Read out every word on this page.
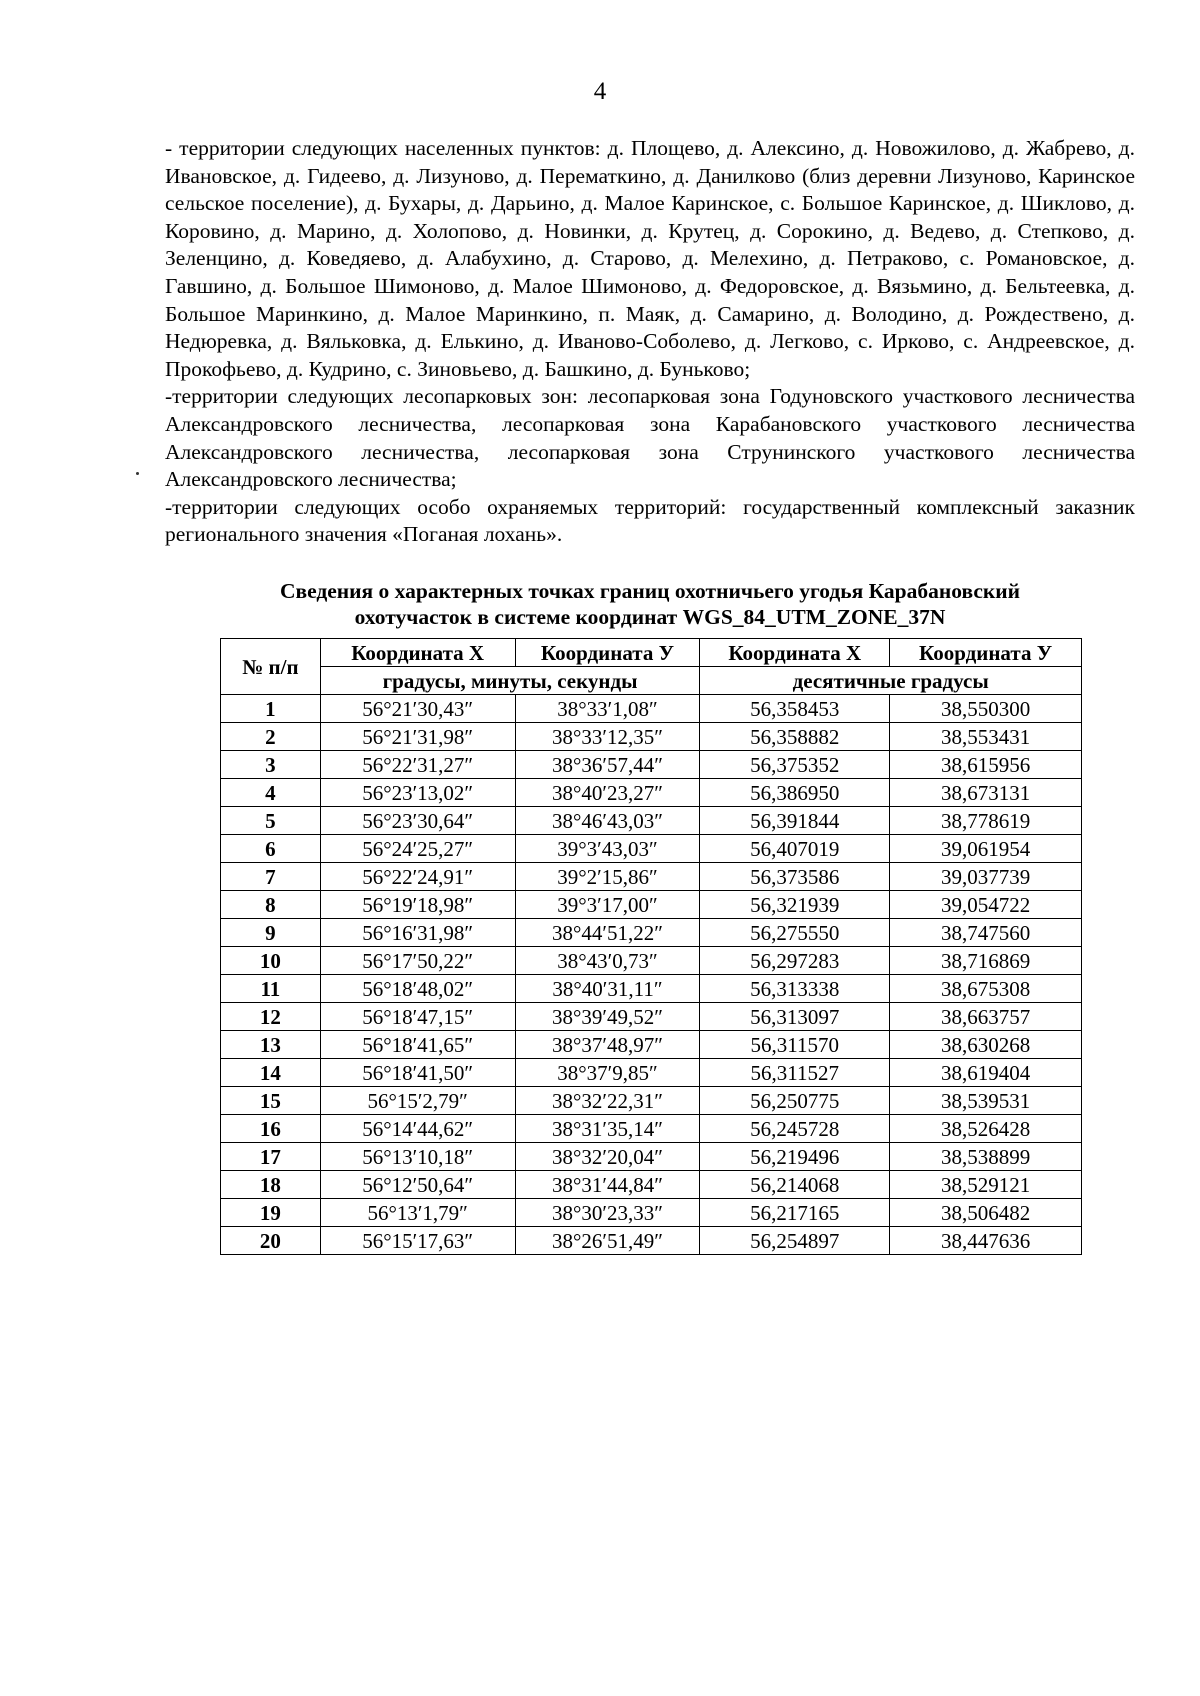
4

- территории следующих населенных пунктов: д. Площево, д. Алексино, д. Новожилово, д. Жабрево, д. Ивановское, д. Гидеево, д. Лизуново, д. Перематкино, д. Данилково (близ деревни Лизуново, Каринское сельское поселение), д. Бухары, д. Дарьино, д. Малое Каринское, с. Большое Каринское, д. Шиклово, д. Коровино, д. Марино, д. Холопово, д. Новинки, д. Крутец, д. Сорокино, д. Ведево, д. Степково, д. Зеленцино, д. Коведяево, д. Алабухино, д. Старово, д. Мелехино, д. Петраково, с. Романовское, д. Гавшино, д. Большое Шимоново, д. Малое Шимоново, д. Федоровское, д. Вязьмино, д. Бельтеевка, д. Большое Маринкино, д. Малое Маринкино, п. Маяк, д. Самарино, д. Володино, д. Рождествено, д. Недюревка, д. Вяльковка, д. Елькино, д. Иваново-Соболево, д. Легково, с. Ирково, с. Андреевское, д. Прокофьево, д. Кудрино, с. Зиновьево, д. Башкино, д. Буньково;

-территории следующих лесопарковых зон: лесопарковая зона Годуновского участкового лесничества Александровского лесничества, лесопарковая зона Карабановского участкового лесничества Александровского лесничества, лесопарковая зона Струнинского участкового лесничества Александровского лесничества;

-территории следующих особо охраняемых территорий: государственный комплексный заказник регионального значения «Поганая лохань».

Сведения о характерных точках границ охотничьего угодья Карабановский
охотучасток в системе координат WGS_84_UTM_ZONE_37N
№ п/п	Координата X	Координата У	Координата X	Координата У
	градусы, минуты, секунды		десятичные градусы	
1	56°21′30,43″	38°33′1,08″	56,358453	38,550300
2	56°21′31,98″	38°33′12,35″	56,358882	38,553431
3	56°22′31,27″	38°36′57,44″	56,375352	38,615956
4	56°23′13,02″	38°40′23,27″	56,386950	38,673131
5	56°23′30,64″	38°46′43,03″	56,391844	38,778619
6	56°24′25,27″	39°3′43,03″	56,407019	39,061954
7	56°22′24,91″	39°2′15,86″	56,373586	39,037739
8	56°19′18,98″	39°3′17,00″	56,321939	39,054722
9	56°16′31,98″	38°44′51,22″	56,275550	38,747560
10	56°17′50,22″	38°43′0,73″	56,297283	38,716869
11	56°18′48,02″	38°40′31,11″	56,313338	38,675308
12	56°18′47,15″	38°39′49,52″	56,313097	38,663757
13	56°18′41,65″	38°37′48,97″	56,311570	38,630268
14	56°18′41,50″	38°37′9,85″	56,311527	38,619404
15	56°15′2,79″	38°32′22,31″	56,250775	38,539531
16	56°14′44,62″	38°31′35,14″	56,245728	38,526428
17	56°13′10,18″	38°32′20,04″	56,219496	38,538899
18	56°12′50,64″	38°31′44,84″	56,214068	38,529121
19	56°13′1,79″	38°30′23,33″	56,217165	38,506482
20	56°15′17,63″	38°26′51,49″	56,254897	38,447636
